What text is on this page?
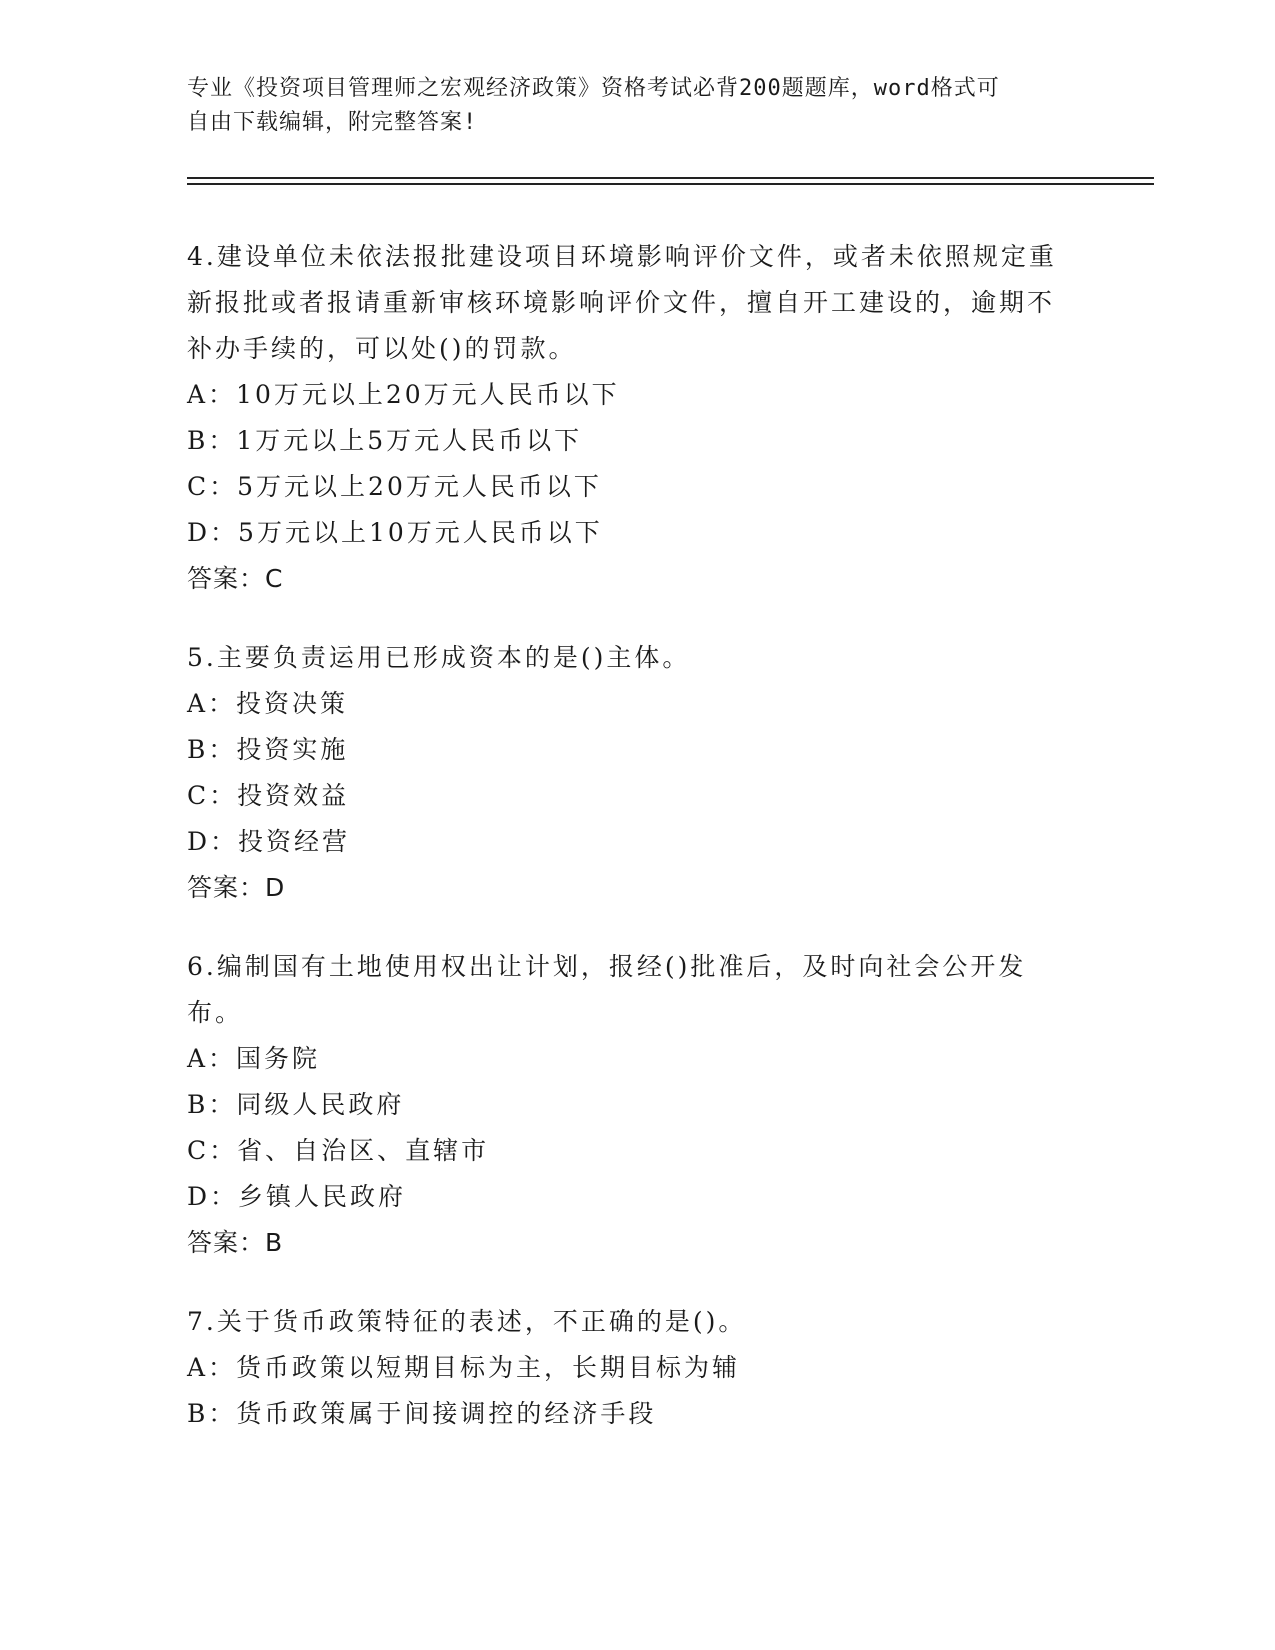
专业《投资项目管理师之宏观经济政策》资格考试必背200题题库，word格式可

自由下载编辑，附完整答案!

4.建设单位未依法报批建设项目环境影响评价文件，或者未依照规定重新报批或者报请重新审核环境影响评价文件，擅自开工建设的，逾期不补办手续的，可以处()的罚款。

A：10万元以上20万元人民币以下

B：1万元以上5万元人民币以下

C：5万元以上20万元人民币以下

D：5万元以上10万元人民币以下

答案：C

5.主要负责运用已形成资本的是()主体。

A：投资决策

B：投资实施

C：投资效益

D：投资经营

答案：D

6.编制国有土地使用权出让计划，报经()批准后，及时向社会公开发布。

A：国务院

B：同级人民政府

C：省、自治区、直辖市

D：乡镇人民政府

答案：B

7.关于货币政策特征的表述，不正确的是()。

A：货币政策以短期目标为主，长期目标为辅

B：货币政策属于间接调控的经济手段
